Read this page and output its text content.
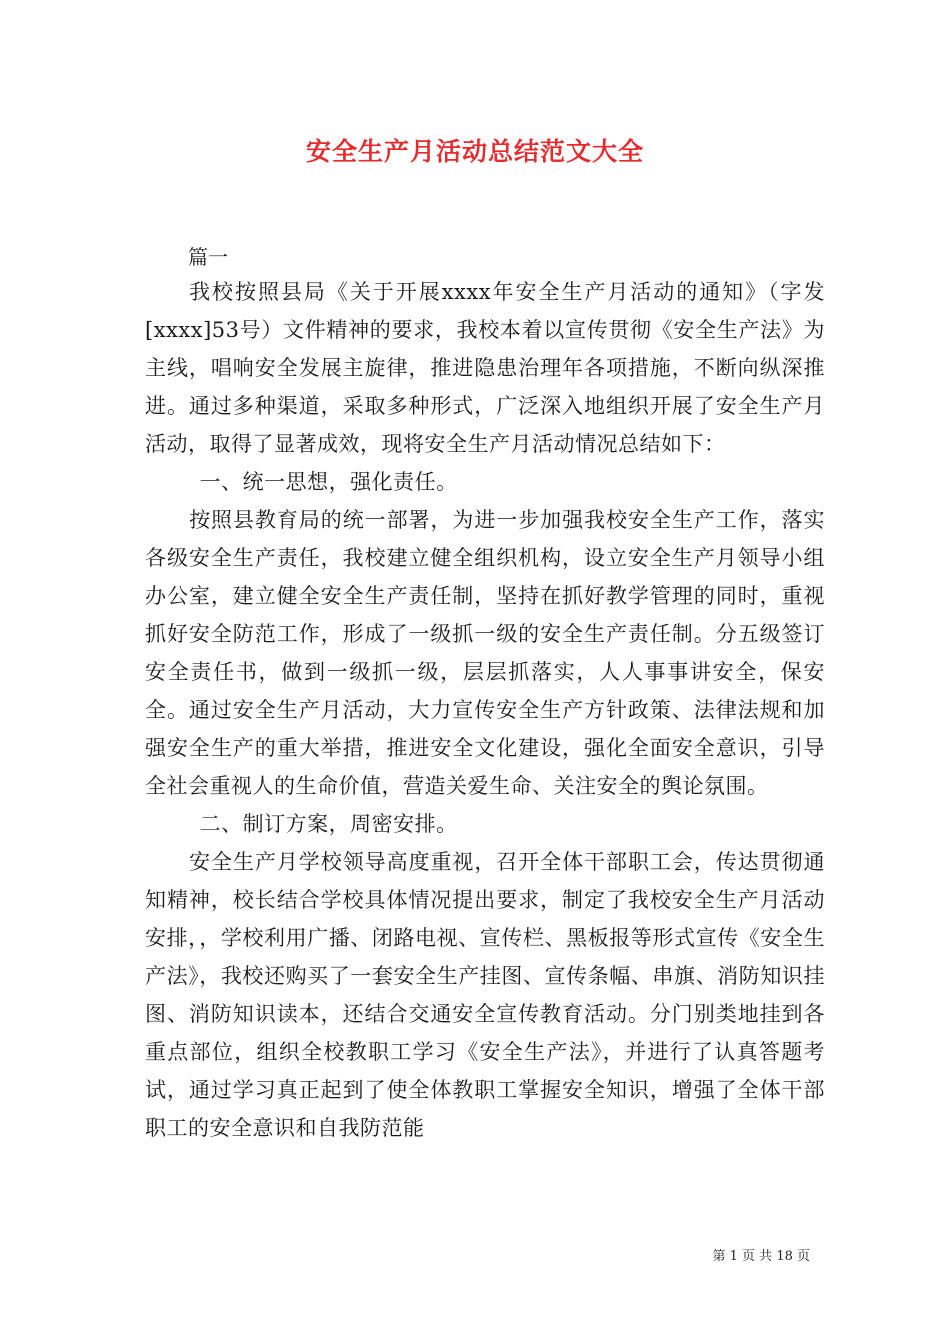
安全生产月活动总结范文大全
篇一

我校按照县局《关于开展xxxx年安全生产月活动的通知》（字发[xxxx]53号）文件精神的要求，我校本着以宣传贯彻《安全生产法》为主线，唱响安全发展主旋律，推进隐患治理年各项措施，不断向纵深推进。通过多种渠道，采取多种形式，广泛深入地组织开展了安全生产月活动，取得了显著成效，现将安全生产月活动情况总结如下：

一、统一思想，强化责任。

按照县教育局的统一部署，为进一步加强我校安全生产工作，落实各级安全生产责任，我校建立健全组织机构，设立安全生产月领导小组办公室，建立健全安全生产责任制，坚持在抓好教学管理的同时，重视抓好安全防范工作，形成了一级抓一级的安全生产责任制。分五级签订安全责任书，做到一级抓一级，层层抓落实，人人事事讲安全，保安全。通过安全生产月活动，大力宣传安全生产方针政策、法律法规和加强安全生产的重大举措，推进安全文化建设，强化全面安全意识，引导全社会重视人的生命价值，营造关爱生命、关注安全的舆论氛围。

二、制订方案，周密安排。

安全生产月学校领导高度重视，召开全体干部职工会，传达贯彻通知精神，校长结合学校具体情况提出要求，制定了我校安全生产月活动安排，，学校利用广播、闭路电视、宣传栏、黑板报等形式宣传《安全生产法》，我校还购买了一套安全生产挂图、宣传条幅、串旗、消防知识挂图、消防知识读本，还结合交通安全宣传教育活动。分门别类地挂到各重点部位，组织全校教职工学习《安全生产法》，并进行了认真答题考试，通过学习真正起到了使全体教职工掌握安全知识，增强了全体干部职工的安全意识和自我防范能

第 1 页 共 18 页
